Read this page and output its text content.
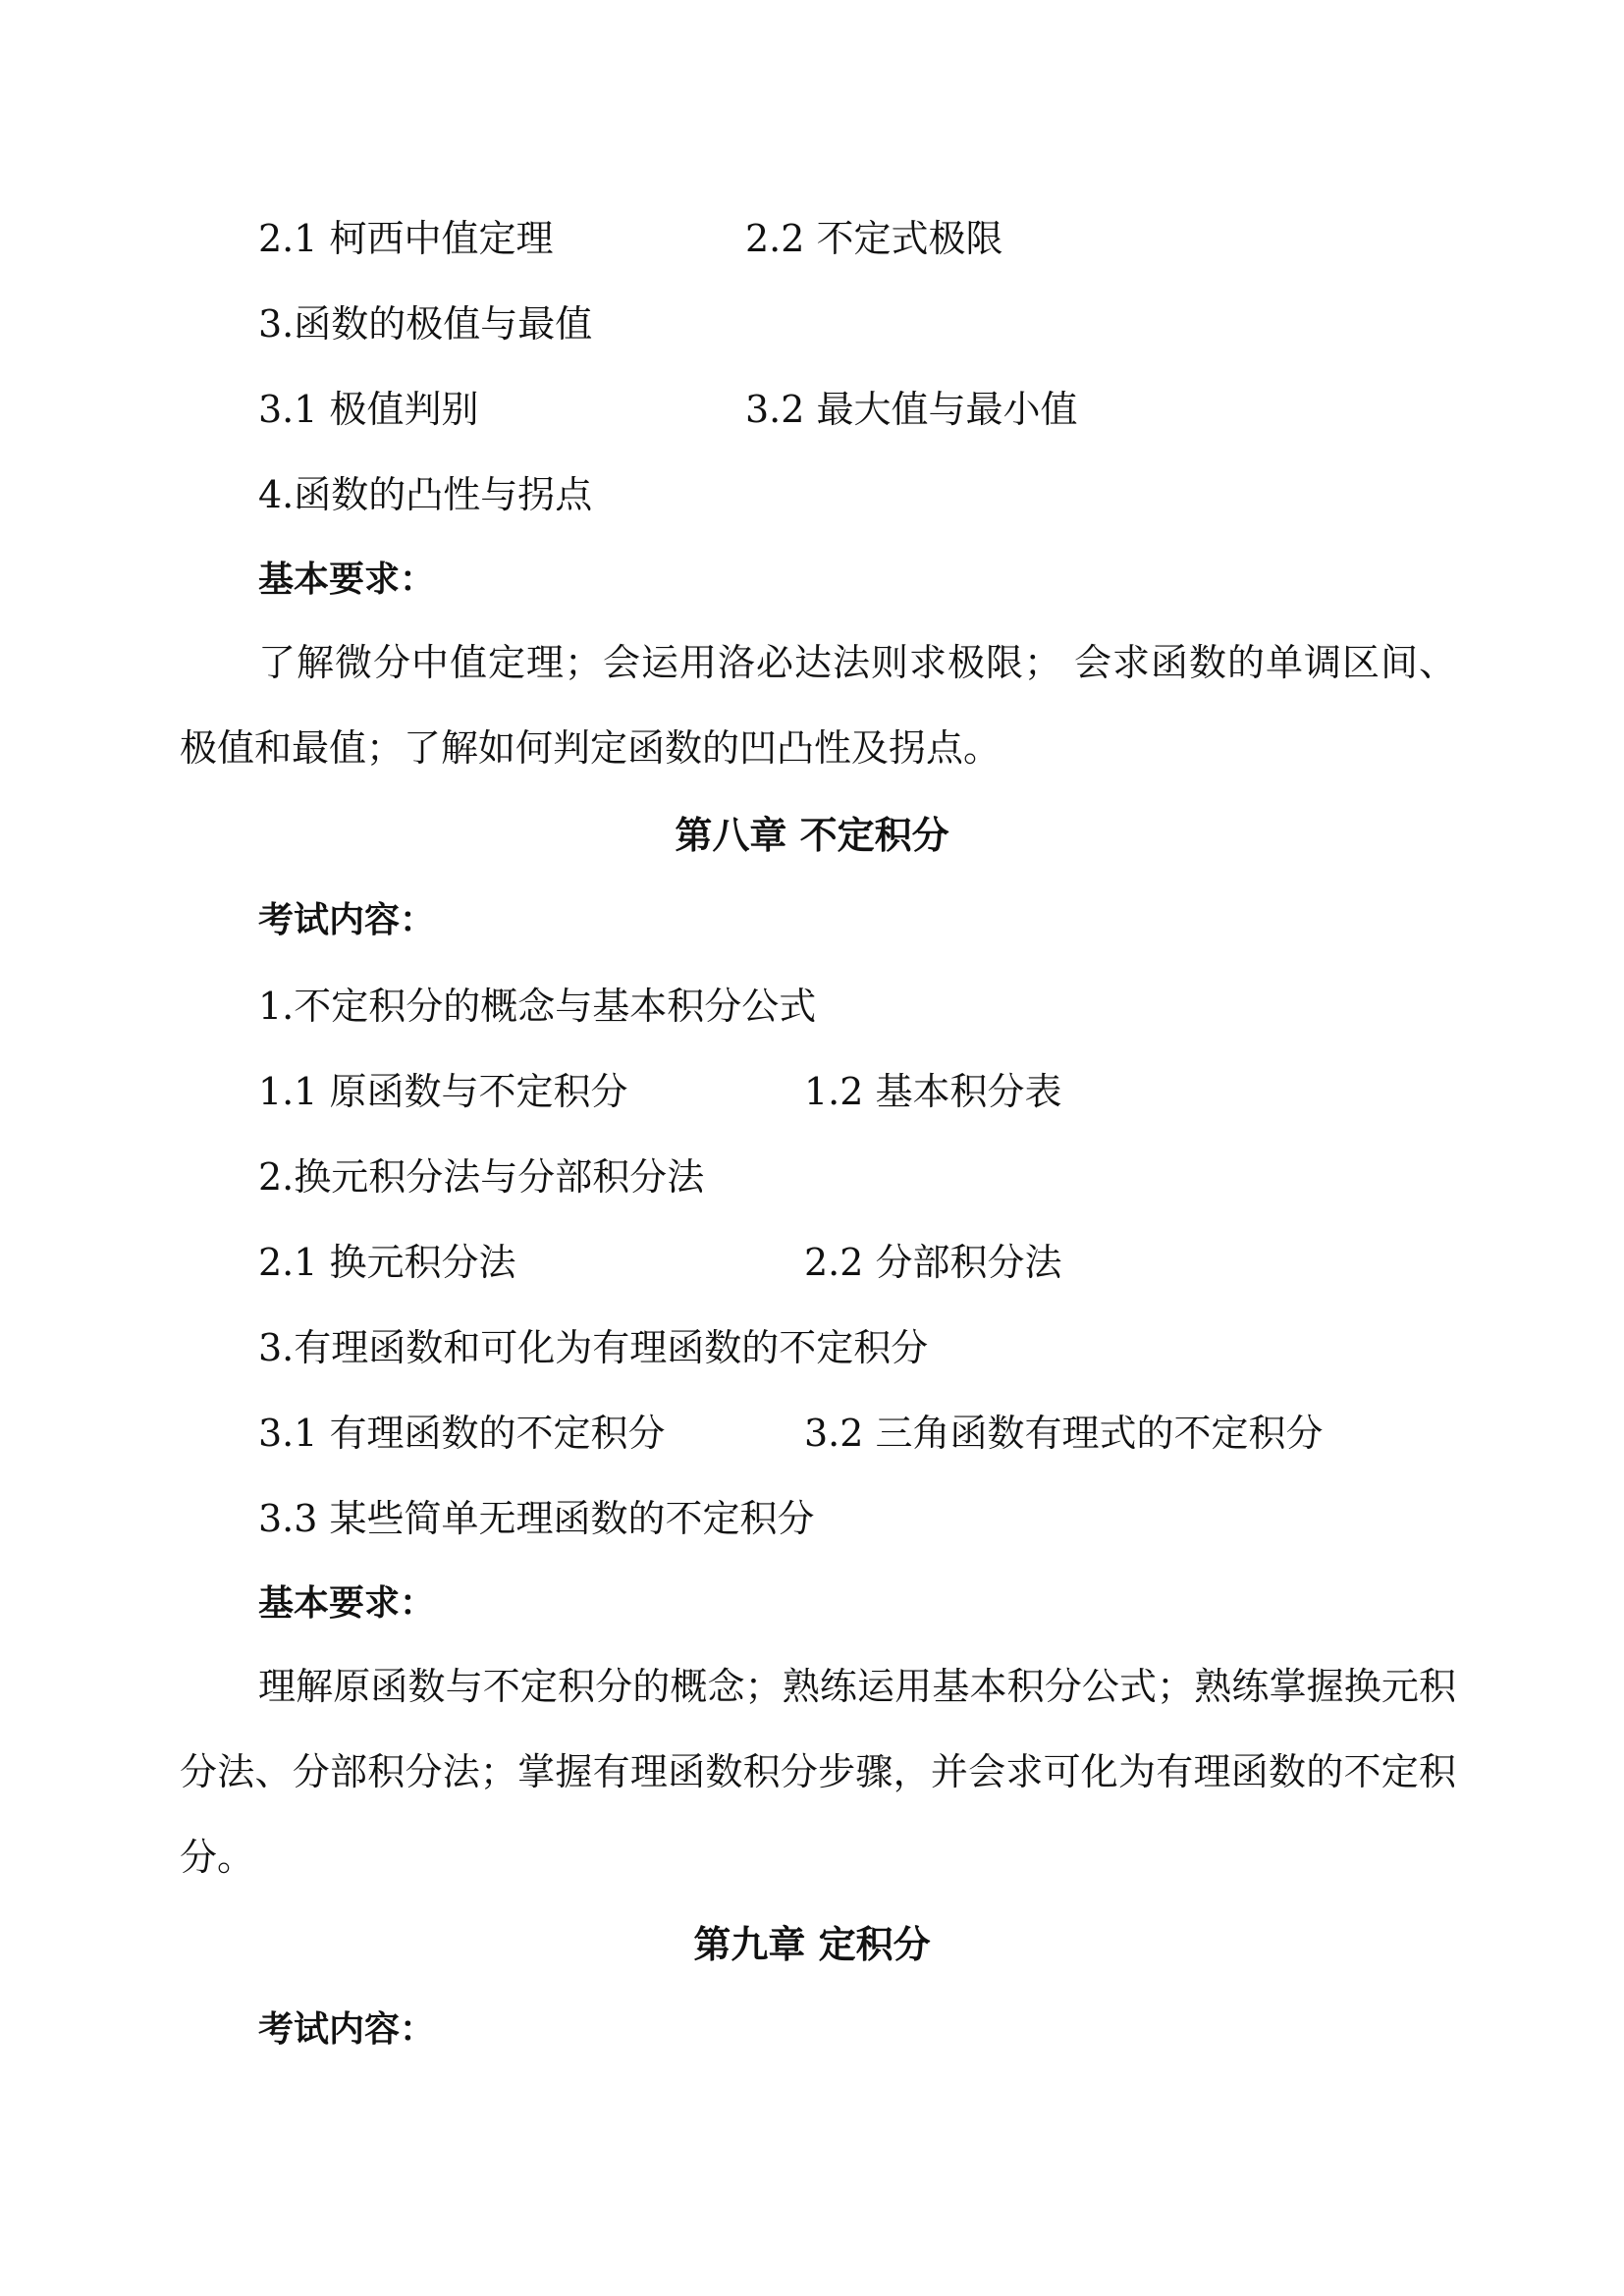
2.1 柯西中值定理	2.2 不定式极限
3.函数的极值与最值
3.1 极值判别	3.2 最大值与最小值
4.函数的凸性与拐点
基本要求：

了解微分中值定理；会运用洛必达法则求极限； 会求函数的单调区间、极值和最值；了解如何判定函数的凹凸性及拐点。

第八章 不定积分
考试内容：
1.不定积分的概念与基本积分公式
1.1 原函数与不定积分	1.2 基本积分表
2.换元积分法与分部积分法
2.1 换元积分法	2.2 分部积分法
3.有理函数和可化为有理函数的不定积分
3.1 有理函数的不定积分	3.2 三角函数有理式的不定积分
3.3 某些简单无理函数的不定积分
基本要求：

理解原函数与不定积分的概念；熟练运用基本积分公式；熟练掌握换元积分法、分部积分法；掌握有理函数积分步骤，并会求可化为有理函数的不定积分。

第九章 定积分
考试内容：
